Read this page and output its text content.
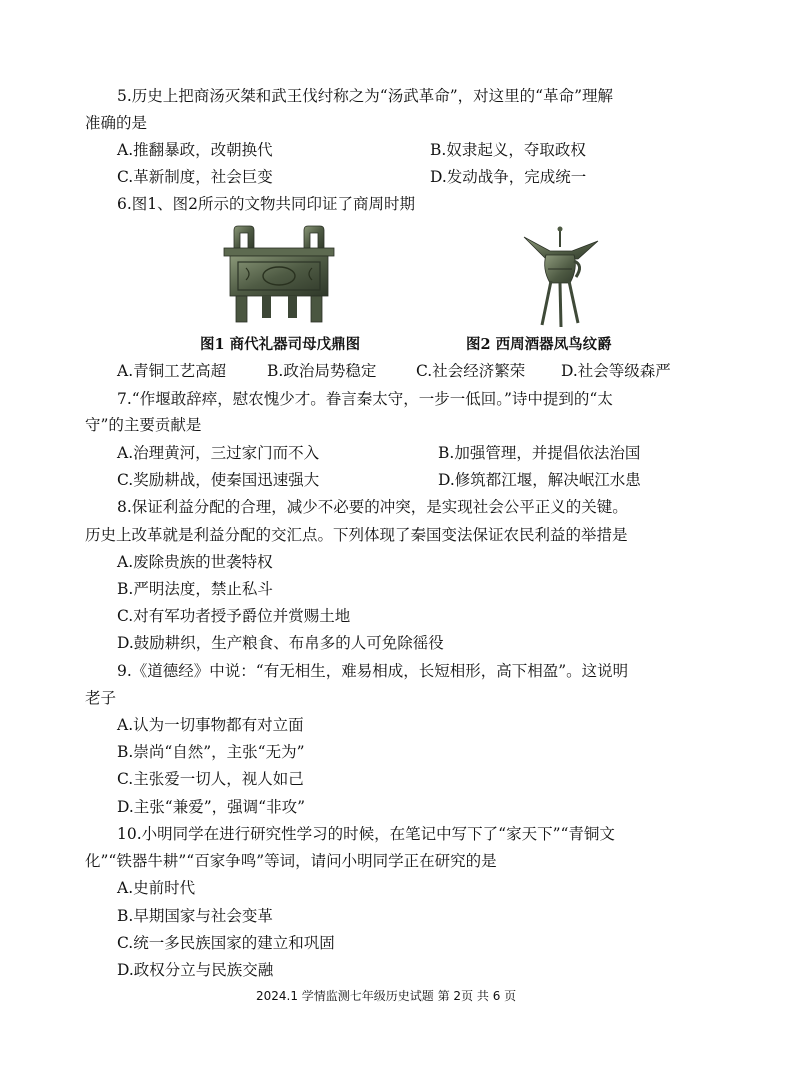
5.历史上把商汤灭桀和武王伐纣称之为“汤武革命”，对这里的“革命”理解
准确的是
A.推翻暴政，改朝换代	B.奴隶起义，夺取政权
C.革新制度，社会巨变	D.发动战争，完成统一
6.图1、图2所示的文物共同印证了商周时期
图1 商代礼器司母戊鼎图	图2 西周酒器凤鸟纹爵
A.青铜工艺高超	B.政治局势稳定	C.社会经济繁荣 D.社会等级森严
7.“作堰敢辞瘁，慰农愧少才。眷言秦太守，一步一低回。”诗中提到的“太
守”的主要贡献是
A.治理黄河，三过家门而不入	B.加强管理，并提倡依法治国
C.奖励耕战，使秦国迅速强大	D.修筑都江堰，解决岷江水患
8.保证利益分配的合理，减少不必要的冲突，是实现社会公平正义的关键。
历史上改革就是利益分配的交汇点。下列体现了秦国变法保证农民利益的举措是
A.废除贵族的世袭特权
B.严明法度，禁止私斗
C.对有军功者授予爵位并赏赐土地
D.鼓励耕织，生产粮食、布帛多的人可免除徭役
9.《道德经》中说：“有无相生，难易相成，长短相形，高下相盈”。这说明
老子
A.认为一切事物都有对立面
B.崇尚“自然”，主张“无为”
C.主张爱一切人，视人如己
D.主张“兼爱”，强调“非攻”
10.小明同学在进行研究性学习的时候，在笔记中写下了“家天下”“青铜文
化”“铁器牛耕”“百家争鸣”等词，请问小明同学正在研究的是
A.史前时代
B.早期国家与社会变革
C.统一多民族国家的建立和巩固
D.政权分立与民族交融
2024.1 学情监测七年级历史试题 第 2页 共 6 页
